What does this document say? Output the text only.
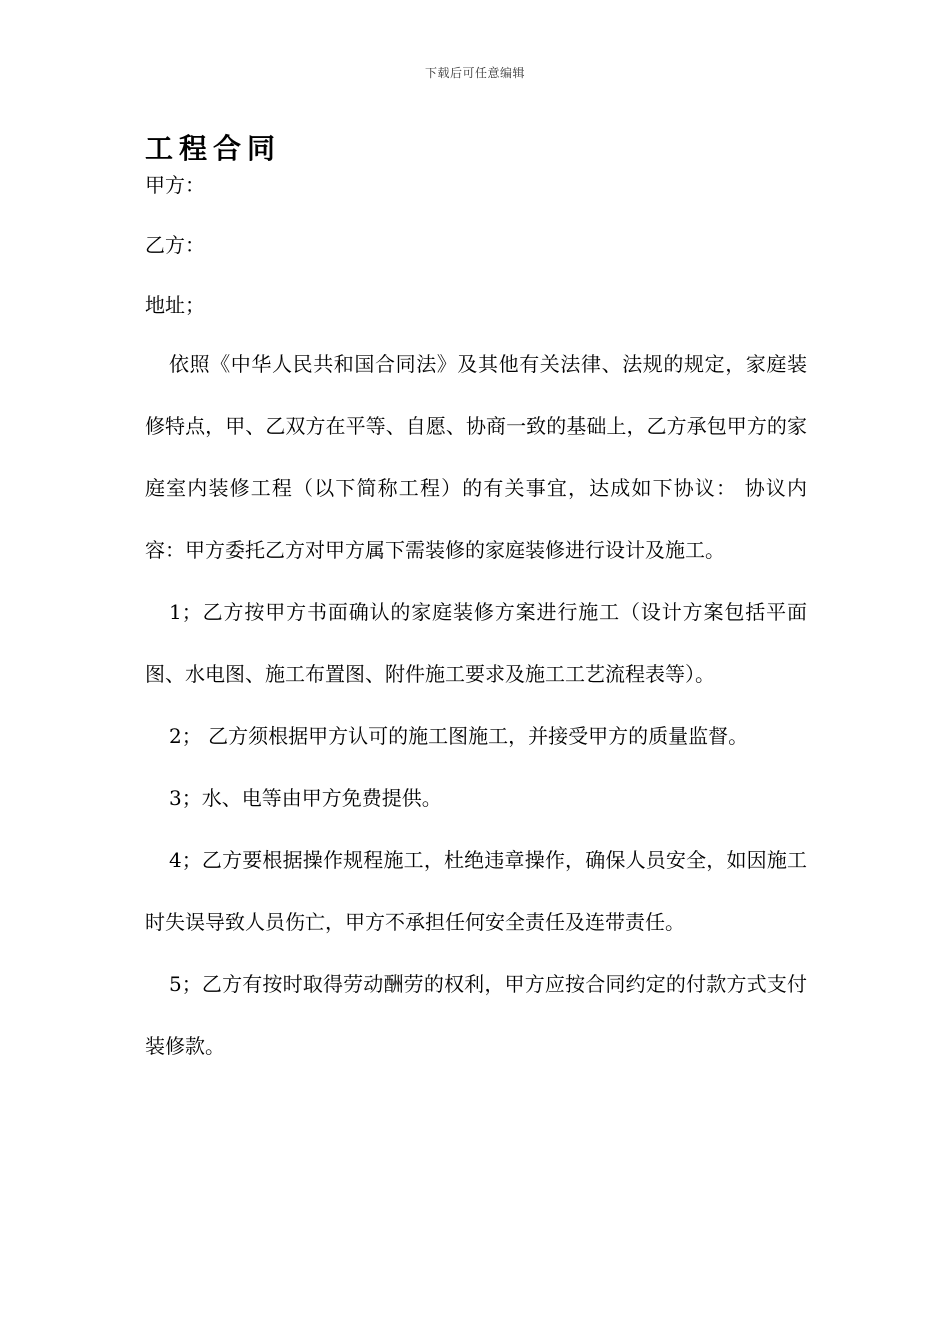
下载后可任意编辑
工程合同

甲方：

乙方：

地址；

依照《中华人民共和国合同法》及其他有关法律、法规的规定，家庭装修特点，甲、乙双方在平等、自愿、协商一致的基础上，乙方承包甲方的家庭室内装修工程（以下简称工程）的有关事宜，达成如下协议： 协议内容：甲方委托乙方对甲方属下需装修的家庭装修进行设计及施工。

1；乙方按甲方书面确认的家庭装修方案进行施工（设计方案包括平面图、水电图、施工布置图、附件施工要求及施工工艺流程表等）。

2； 乙方须根据甲方认可的施工图施工，并接受甲方的质量监督。

3；水、电等由甲方免费提供。

4；乙方要根据操作规程施工，杜绝违章操作，确保人员安全，如因施工时失误导致人员伤亡，甲方不承担任何安全责任及连带责任。

5；乙方有按时取得劳动酬劳的权利，甲方应按合同约定的付款方式支付装修款。
